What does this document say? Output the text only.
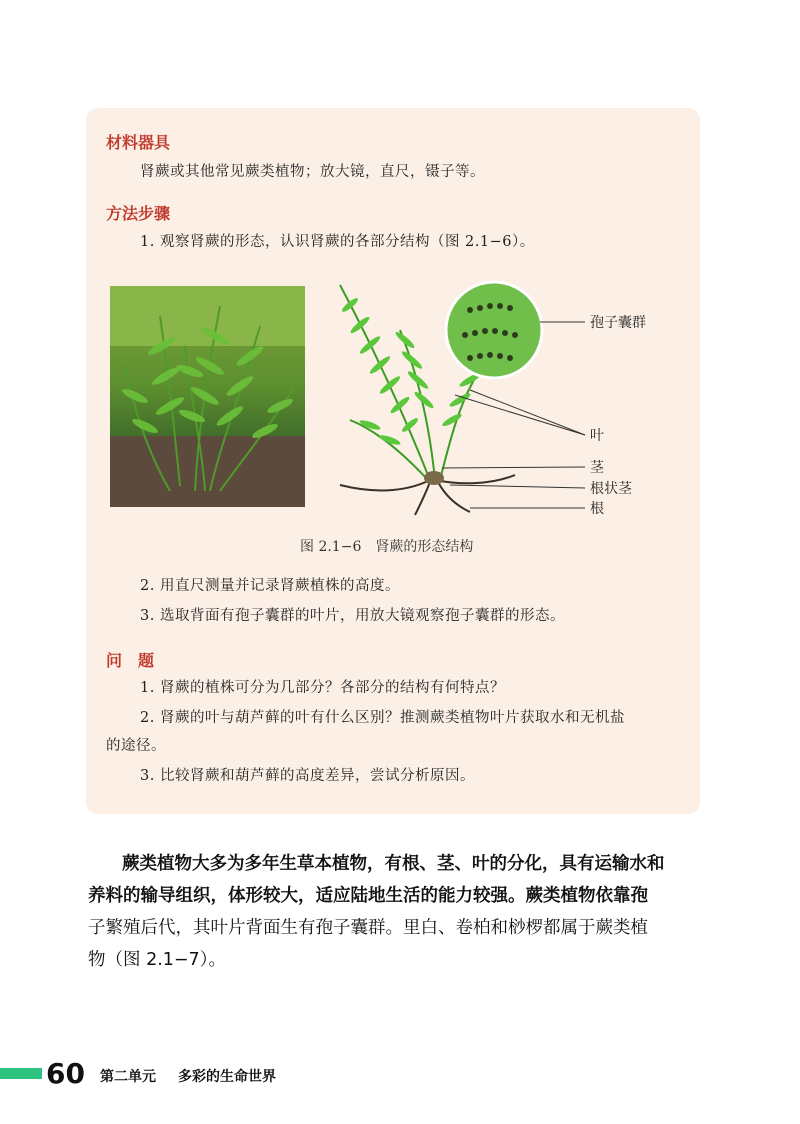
材料器具
肾蕨或其他常见蕨类植物；放大镜，直尺，镊子等。
方法步骤
1. 观察肾蕨的形态，认识肾蕨的各部分结构（图 2.1−6）。
孢子囊群
叶
茎
根状茎
根
图 2.1−6　肾蕨的形态结构
2. 用直尺测量并记录肾蕨植株的高度。
3. 选取背面有孢子囊群的叶片，用放大镜观察孢子囊群的形态。
问　题
1. 肾蕨的植株可分为几部分？各部分的结构有何特点？
2. 肾蕨的叶与葫芦藓的叶有什么区别？推测蕨类植物叶片获取水和无机盐
的途径。
3. 比较肾蕨和葫芦藓的高度差异，尝试分析原因。
蕨类植物大多为多年生草本植物，有根、茎、叶的分化，具有运输水和
养料的输导组织，体形较大，适应陆地生活的能力较强。蕨类植物依靠孢
子繁殖后代，其叶片背面生有孢子囊群。里白、卷柏和桫椤都属于蕨类植
物（图 2.1−7）。
60 第二单元 多彩的生命世界
